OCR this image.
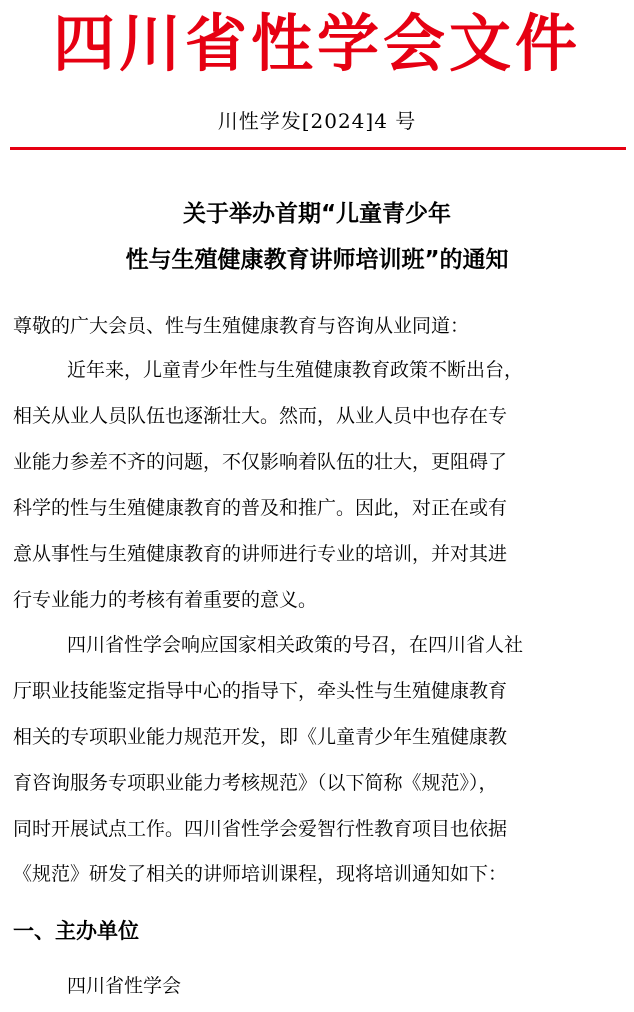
四川省性学会文件
川性学发[2024]4 号
关于举办首期“儿童青少年
性与生殖健康教育讲师培训班”的通知
尊敬的广大会员、性与生殖健康教育与咨询从业同道：
近年来，儿童青少年性与生殖健康教育政策不断出台，
相关从业人员队伍也逐渐壮大。然而，从业人员中也存在专
业能力参差不齐的问题，不仅影响着队伍的壮大，更阻碍了
科学的性与生殖健康教育的普及和推广。因此，对正在或有
意从事性与生殖健康教育的讲师进行专业的培训，并对其进
行专业能力的考核有着重要的意义。
四川省性学会响应国家相关政策的号召，在四川省人社
厅职业技能鉴定指导中心的指导下，牵头性与生殖健康教育
相关的专项职业能力规范开发，即《儿童青少年生殖健康教
育咨询服务专项职业能力考核规范》（以下简称《规范》），
同时开展试点工作。四川省性学会爱智行性教育项目也依据
《规范》研发了相关的讲师培训课程，现将培训通知如下：
一、主办单位
四川省性学会
